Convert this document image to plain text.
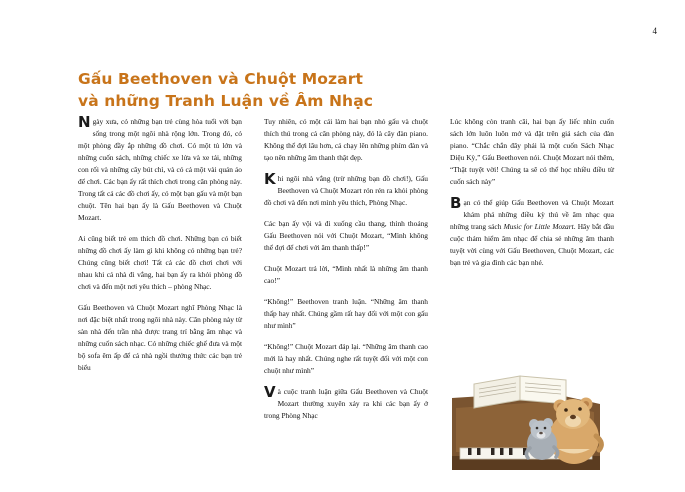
4
Gấu Beethoven và Chuột Mozart
và những Tranh Luận về Âm Nhạc

Ngày xưa, có những bạn trẻ cùng hòa tuổi với bạn sống trong một ngôi nhà rộng lớn. Trong đó, có một phòng đầy ắp những đồ chơi. Có một tủ lớn và những cuốn sách, những chiếc xe lửa và xe tải, những con rối và những cây bút chì, và có cả một vài quán áo để chơi. Các bạn ấy rất thích chơi trong căn phòng này. Trong tất cả các đồ chơi ấy, có một bạn gấu và một bạn chuột. Tên hai bạn ấy là Gấu Beethoven và Chuột Mozart.

Ai cũng biết trẻ em thích đồ chơi. Những bạn có biết những đồ chơi ấy làm gì khi không có những bạn trẻ? Chúng cũng biết chơi! Tất cả các đồ chơi chơi với nhau khi cả nhà đi vắng, hai bạn ấy ra khỏi phòng đồ chơi và đến một nơi yêu thích – phòng Nhạc.

Gấu Beethoven và Chuột Mozart nghĩ Phòng Nhạc là nơi đặc biệt nhất trong ngôi nhà này. Căn phòng này từ sàn nhà đến trần nhà được trang trí bằng âm nhạc và những cuốn sách nhạc. Có những chiếc ghế đưa và một bộ sofa êm ấp để cả nhà ngồi thưởng thức các bạn trẻ biểu

Tuy nhiên, có một cái làm hai bạn nhỏ gấu và chuột thích thú trong cả căn phòng này, đó là cây đàn piano. Không thể đợi lâu hơn, cả chạy lên những phím đàn và tạo nên những âm thanh thật đẹp.

Khi ngôi nhà vắng (trừ những bạn đồ chơi!), Gấu Beethoven và Chuột Mozart rón rén ra khỏi phòng đồ chơi và đến nơi mình yêu thích, Phòng Nhạc.

Các bạn ấy vội và đi xuống cầu thang, thỉnh thoảng Gấu Beethoven nói với Chuột Mozart, “Mình không thể đợi để chơi với âm thanh thấp!”

Chuột Mozart trả lời, “Mình nhất là những âm thanh cao!”

“Không!” Beethoven tranh luận. “Những âm thanh thấp hay nhất. Chúng gầm rất hay đối với một con gấu như mình”

“Không!” Chuột Mozart đáp lại. “Những âm thanh cao mới là hay nhất. Chúng nghe rất tuyệt đối với một con chuột như mình”

Và cuộc tranh luận giữa Gấu Beethoven và Chuột Mozart thường xuyên xảy ra khi các bạn ấy ở trong Phòng Nhạc

Lúc không còn tranh cãi, hai bạn ấy liếc nhìn cuốn sách lớn luôn luôn mở và đặt trên giá sách của đàn piano. “Chắc chắn đây phải là một cuốn Sách Nhạc Diệu Kỳ,” Gấu Beethoven nói. Chuột Mozart nói thêm, “Thật tuyệt vời! Chúng ta sẽ có thể học nhiều điều từ cuốn sách này”

Bạn có thể giúp Gấu Beethoven và Chuột Mozart khám phá những điều kỳ thú về âm nhạc qua những trang sách Music for Little Mozart. Hãy bắt đầu cuộc thám hiểm âm nhạc để chia sẻ những âm thanh tuyệt vời cùng với Gấu Beethoven, Chuột Mozart, các bạn trẻ và gia đình các bạn nhé.
